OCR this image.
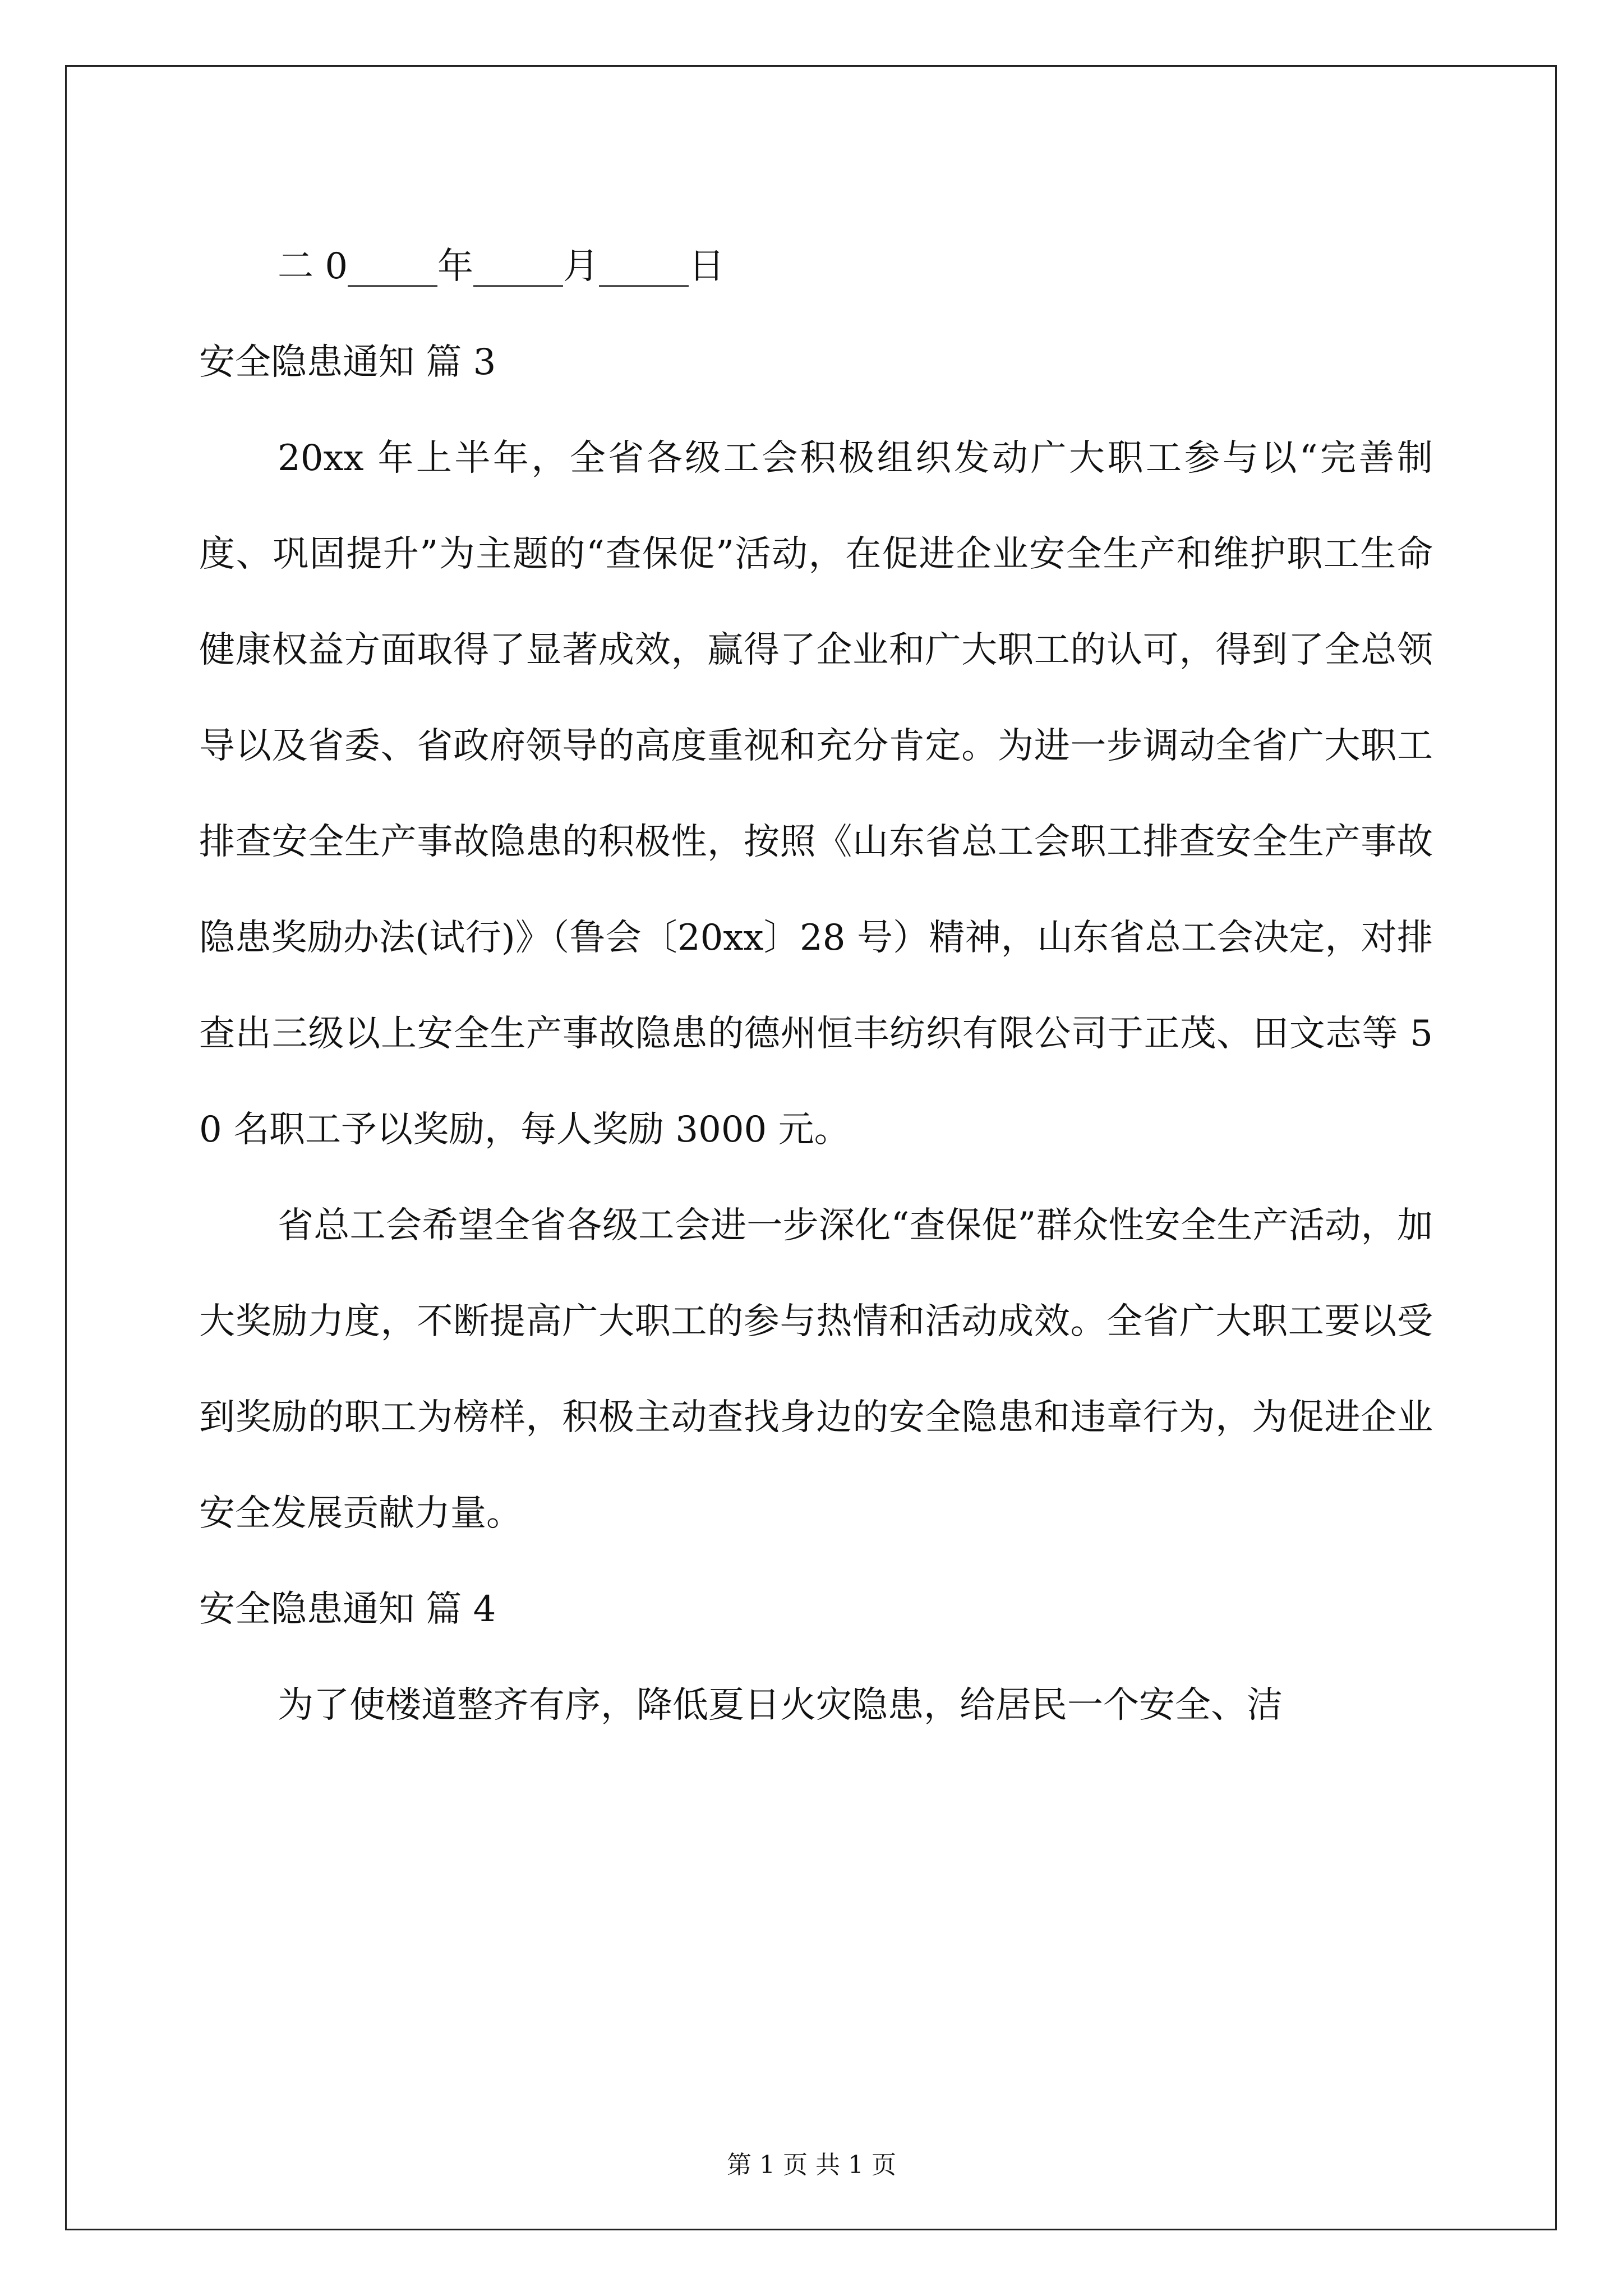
二 0_____年_____月_____日

安全隐患通知 篇 3

20xx 年上半年，全省各级工会积极组织发动广大职工参与以“完善制度、巩固提升”为主题的“查保促”活动，在促进企业安全生产和维护职工生命健康权益方面取得了显著成效，赢得了企业和广大职工的认可，得到了全总领导以及省委、省政府领导的高度重视和充分肯定。为进一步调动全省广大职工排查安全生产事故隐患的积极性，按照《山东省总工会职工排查安全生产事故隐患奖励办法(试行)》（鲁会〔20xx〕28 号）精神，山东省总工会决定，对排查出三级以上安全生产事故隐患的德州恒丰纺织有限公司于正茂、田文志等 50 名职工予以奖励，每人奖励 3000 元。

省总工会希望全省各级工会进一步深化“查保促”群众性安全生产活动，加大奖励力度，不断提高广大职工的参与热情和活动成效。全省广大职工要以受到奖励的职工为榜样，积极主动查找身边的安全隐患和违章行为，为促进企业安全发展贡献力量。

安全隐患通知 篇 4

为了使楼道整齐有序，降低夏日火灾隐患，给居民一个安全、洁

第 1 页 共 1 页
